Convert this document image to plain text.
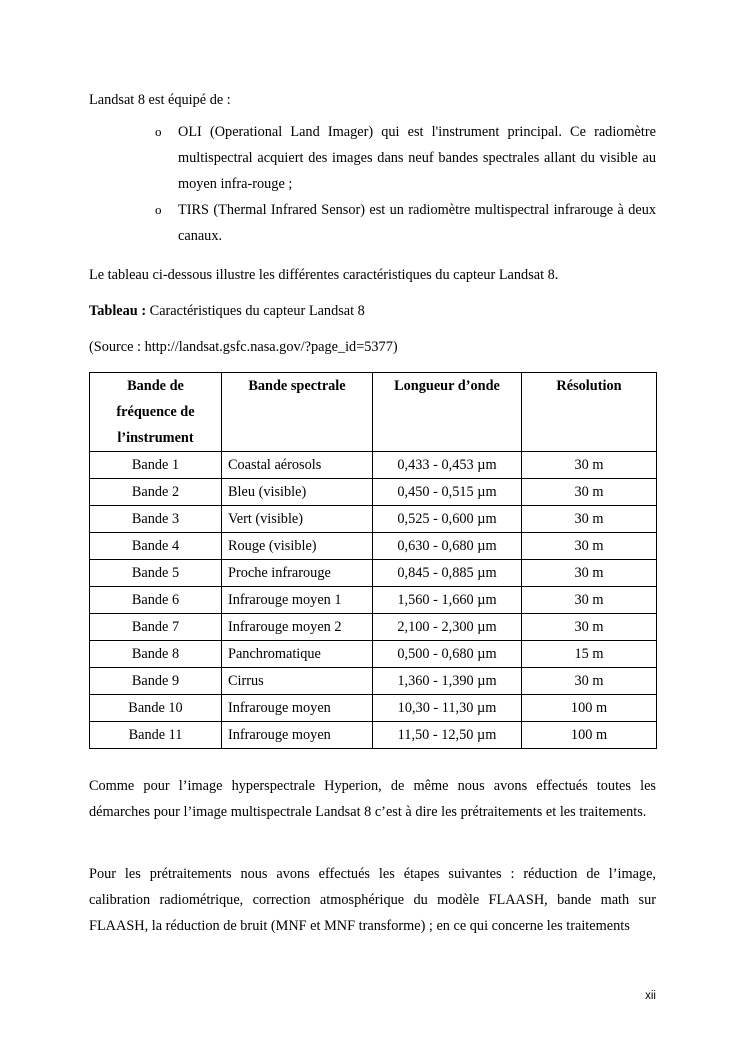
Landsat 8 est équipé de :
o OLI (Operational Land Imager) qui est l'instrument principal. Ce radiomètre multispectral acquiert des images dans neuf bandes spectrales allant du visible au moyen infra-rouge ;
o TIRS (Thermal Infrared Sensor) est un radiomètre multispectral infrarouge à deux canaux.
Le tableau ci-dessous illustre les différentes caractéristiques du capteur Landsat 8.
Tableau : Caractéristiques du capteur Landsat 8
(Source : http://landsat.gsfc.nasa.gov/?page_id=5377)
Bande de fréquence de l’instrument	Bande spectrale	Longueur d’onde	Résolution
Bande 1	Coastal aérosols	0,433 - 0,453 µm	30 m
Bande 2	Bleu (visible)	0,450 - 0,515 µm	30 m
Bande 3	Vert (visible)	0,525 - 0,600 µm	30 m
Bande 4	Rouge (visible)	0,630 - 0,680 µm	30 m
Bande 5	Proche infrarouge	0,845 - 0,885 µm	30 m
Bande 6	Infrarouge moyen 1	1,560 - 1,660 µm	30 m
Bande 7	Infrarouge moyen 2	2,100 - 2,300 µm	30 m
Bande 8	Panchromatique	0,500 - 0,680 µm	15 m
Bande 9	Cirrus	1,360 - 1,390 µm	30 m
Bande 10	Infrarouge moyen	10,30 - 11,30 µm	100 m
Bande 11	Infrarouge moyen	11,50 - 12,50 µm	100 m
Comme pour l’image hyperspectrale Hyperion, de même nous avons effectués toutes les démarches pour l’image multispectrale Landsat 8 c’est à dire les prétraitements et les traitements.
Pour les prétraitements nous avons effectués les étapes suivantes : réduction de l’image, calibration radiométrique, correction atmosphérique du modèle FLAASH, bande math sur FLAASH, la réduction de bruit (MNF et MNF transforme) ; en ce qui concerne les traitements
xii
